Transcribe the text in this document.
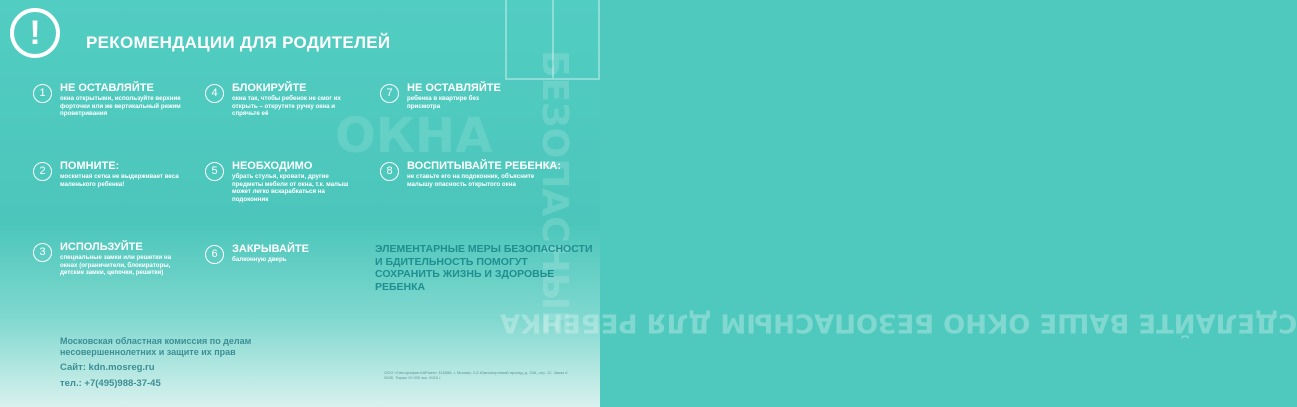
БЕЗОПАСНЫЕ
ОКНА
СДЕЛАЙТЕ ВАШЕ ОКНО БЕЗОПАСНЫМ ДЛЯ РЕБЕНКА
!	РЕКОМЕНДАЦИИ ДЛЯ РОДИТЕЛЕЙ
1	НЕ ОСТАВЛЯЙТЕ
окна открытыми, используйте верхние форточки или же вертикальный режим проветривания
2	ПОМНИТЕ:
москитная сетка не выдерживает веса маленького ребенка!
3	ИСПОЛЬЗУЙТЕ
специальные замки или решетки на окнах (ограничители, блокираторы, детские замки, цепочки, решетки)
4	БЛОКИРУЙТЕ
окна так, чтобы ребенок не смог их открыть – открутите ручку окна и спрячьте её
5	НЕОБХОДИМО
убрать стулья, кровати, другие предметы мебели от окна, т.к. малыш может легко вскарабкаться на подоконник
6	ЗАКРЫВАЙТЕ
балконную дверь
7	НЕ ОСТАВЛЯЙТЕ
ребенка в квартире без присмотра
8	ВОСПИТЫВАЙТЕ РЕБЕНКА:
не ставьте его на подоконник, объясните малышу опасность открытого окна
ЭЛЕМЕНТАРНЫЕ МЕРЫ БЕЗОПАСНОСТИ И БДИТЕЛЬНОСТЬ ПОМОГУТ СОХРАНИТЬ ЖИЗНЬ И ЗДОРОВЬЕ РЕБЕНКА
Московская областная комиссия по делам несовершеннолетних и защите их прав
Сайт: kdn.mosreg.ru
тел.: +7(495)988-37-45
ООО «Типография КАРмен» 115088, г. Москва, 2-й Южнопортовый проезд, д. 20А, стр. 12. Заказ # 0538. Тираж 10 000 экз. 2015 г.
